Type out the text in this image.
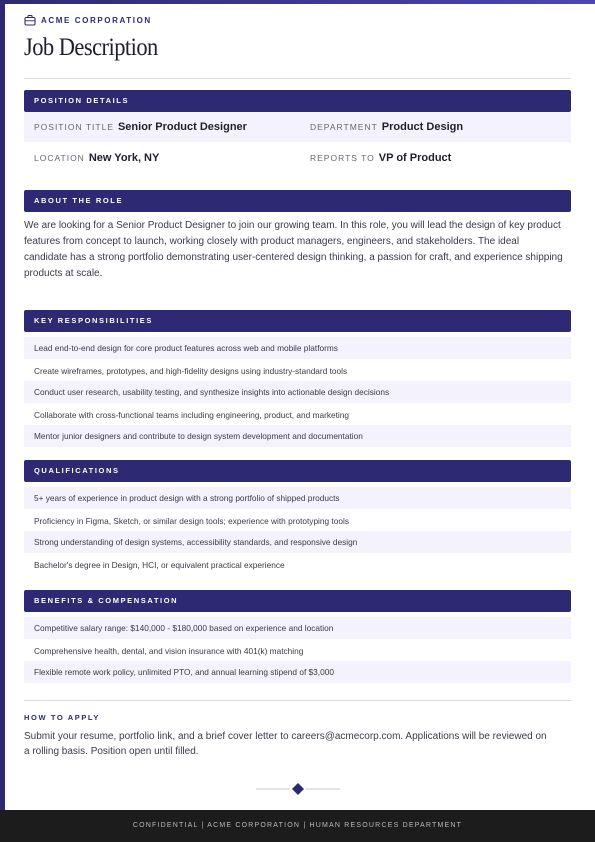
ACME CORPORATION
Job Description
POSITION DETAILS
POSITION TITLE Senior Product Designer	DEPARTMENT Product Design
LOCATION New York, NY	REPORTS TO VP of Product
ABOUT THE ROLE
We are looking for a Senior Product Designer to join our growing team. In this role, you will lead the design of key product features from concept to launch, working closely with product managers, engineers, and stakeholders. The ideal candidate has a strong portfolio demonstrating user-centered design thinking, a passion for craft, and experience shipping products at scale.
KEY RESPONSIBILITIES
Lead end-to-end design for core product features across web and mobile platforms
Create wireframes, prototypes, and high-fidelity designs using industry-standard tools
Conduct user research, usability testing, and synthesize insights into actionable design decisions
Collaborate with cross-functional teams including engineering, product, and marketing
Mentor junior designers and contribute to design system development and documentation
QUALIFICATIONS
5+ years of experience in product design with a strong portfolio of shipped products
Proficiency in Figma, Sketch, or similar design tools; experience with prototyping tools
Strong understanding of design systems, accessibility standards, and responsive design
Bachelor's degree in Design, HCI, or equivalent practical experience
BENEFITS & COMPENSATION
Competitive salary range: $140,000 - $180,000 based on experience and location
Comprehensive health, dental, and vision insurance with 401(k) matching
Flexible remote work policy, unlimited PTO, and annual learning stipend of $3,000
HOW TO APPLY
Submit your resume, portfolio link, and a brief cover letter to careers@acmecorp.com. Applications will be reviewed on a rolling basis. Position open until filled.
CONFIDENTIAL | ACME CORPORATION | HUMAN RESOURCES DEPARTMENT
